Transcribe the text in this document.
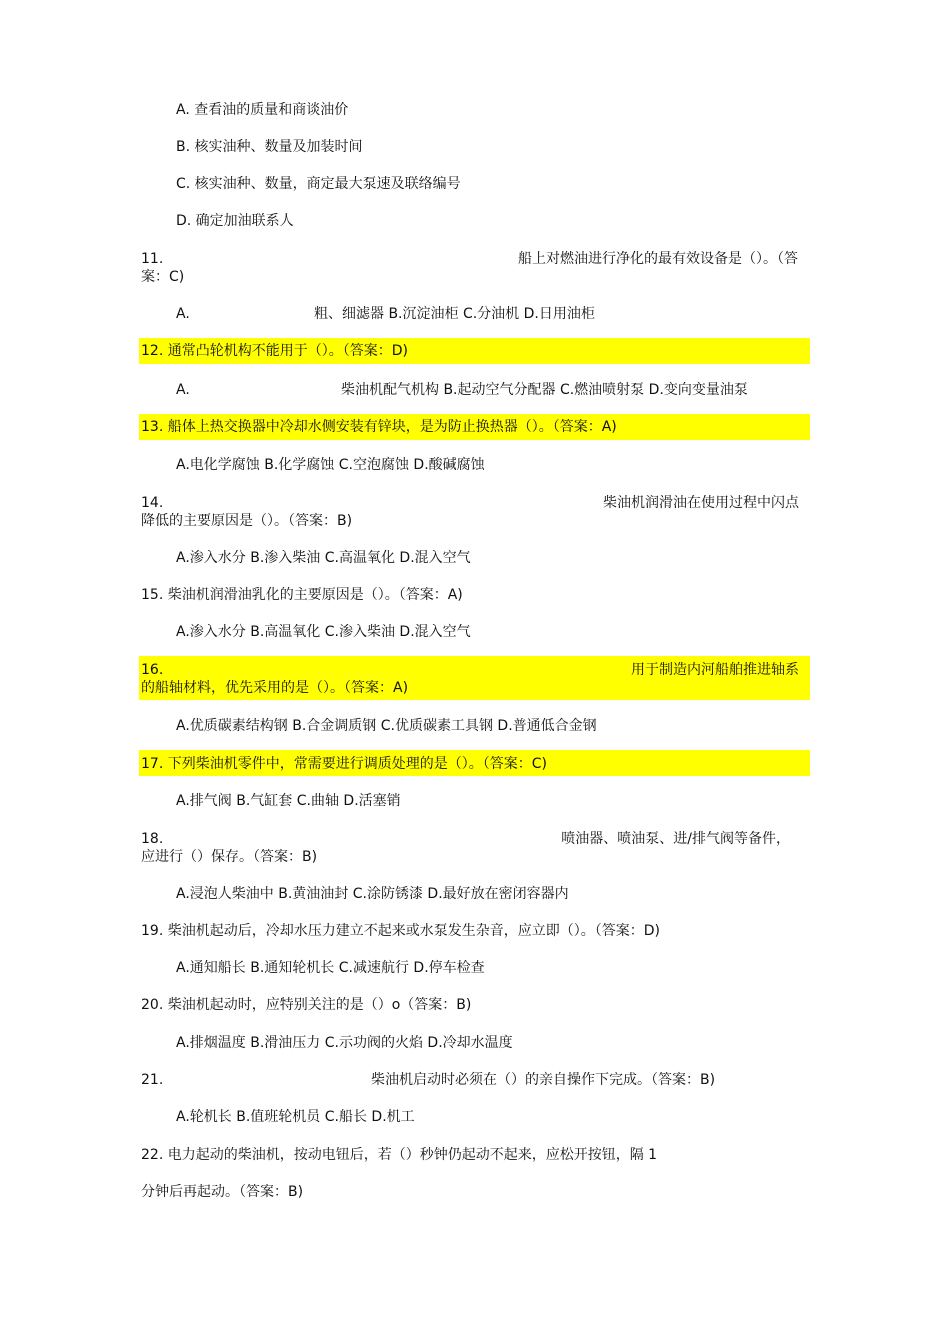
A. 查看油的质量和商谈油价
B. 核实油种、数量及加装时间
C. 核实油种、数量，商定最大泵速及联络编号
D. 确定加油联系人
11.	船上对燃油进行净化的最有效设备是（）。（答
案：C)
A.	粗、细滤器 B.沉淀油柜 C.分油机 D.日用油柜
12. 通常凸轮机构不能用于（）。（答案：D)
A.	柴油机配气机构 B.起动空气分配器 C.燃油喷射泵 D.变向变量油泵
13. 船体上热交换器中冷却水侧安装有锌块，是为防止换热器（）。（答案：A)
A.电化学腐蚀 B.化学腐蚀 C.空泡腐蚀 D.酸碱腐蚀
14.	柴油机润滑油在使用过程中闪点
降低的主要原因是（）。（答案：B)
A.渗入水分 B.渗入柴油 C.高温氧化 D.混入空气
15. 柴油机润滑油乳化的主要原因是（）。（答案：A)
A.渗入水分 B.高温氧化 C.渗入柴油 D.混入空气
16.	用于制造内河船舶推进轴系
的船轴材料，优先采用的是（）。（答案：A)
A.优质碳素结构钢 B.合金调质钢 C.优质碳素工具钢 D.普通低合金钢
17. 下列柴油机零件中，常需要进行调质处理的是（）。（答案：C)
A.排气阀 B.气缸套 C.曲轴 D.活塞销
18.	喷油器、喷油泵、进/排气阀等备件，
应进行（）保存。（答案：B)
A.浸泡人柴油中 B.黄油油封 C.涂防锈漆 D.最好放在密闭容器内
19. 柴油机起动后，冷却水压力建立不起来或水泵发生杂音，应立即（）。（答案：D)
A.通知船长 B.通知轮机长 C.减速航行 D.停车检查
20. 柴油机起动时，应特别关注的是（）o（答案：B)
A.排烟温度 B.滑油压力 C.示功阀的火焰 D.冷却水温度
21.	柴油机启动时必须在（）的亲自操作下完成。（答案：B)
A.轮机长 B.值班轮机员 C.船长 D.机工
22. 电力起动的柴油机，按动电钮后，若（）秒钟仍起动不起来，应松开按钮，隔 1
分钟后再起动。（答案：B)
